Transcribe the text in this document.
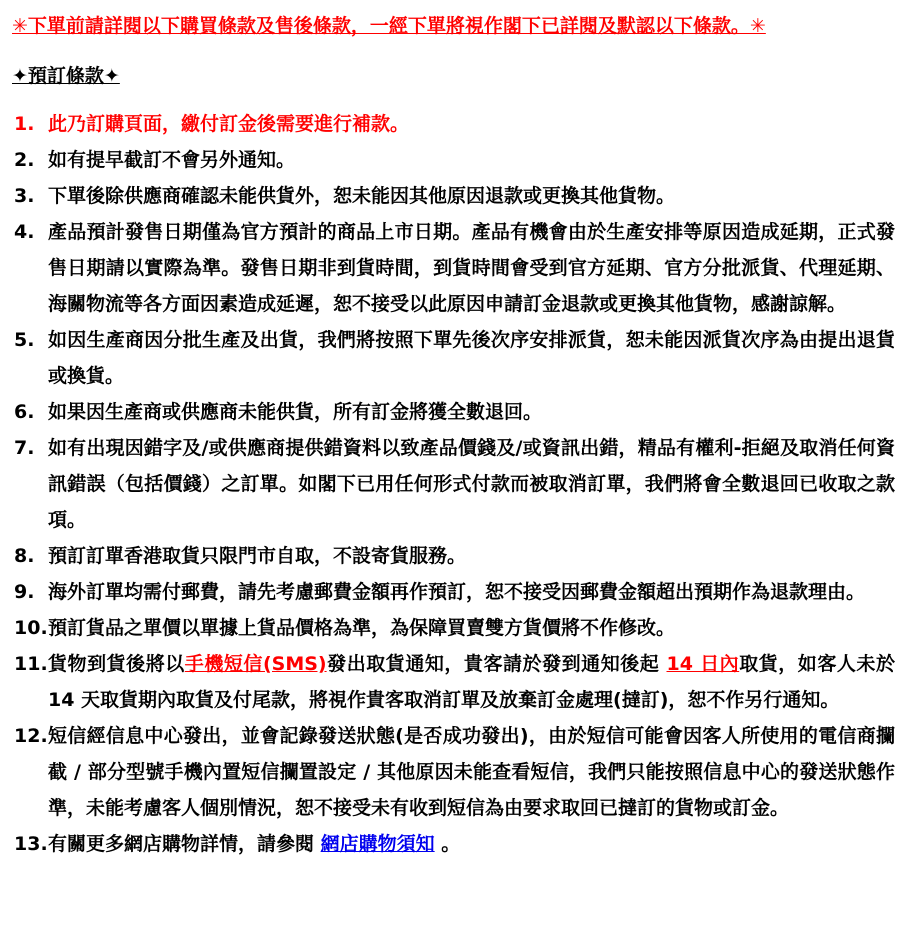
✳下單前請詳閱以下購買條款及售後條款，一經下單將視作閣下已詳閱及默認以下條款。✳
✦預訂條款✦
1. 此乃訂購頁面，繳付訂金後需要進行補款。
2. 如有提早截訂不會另外通知。
3. 下單後除供應商確認未能供貨外，恕未能因其他原因退款或更換其他貨物。
4. 產品預計發售日期僅為官方預計的商品上市日期。產品有機會由於生產安排等原因造成延期，正式發售日期請以實際為準。發售日期非到貨時間，到貨時間會受到官方延期、官方分批派貨、代理延期、海關物流等各方面因素造成延遲，恕不接受以此原因申請訂金退款或更換其他貨物，感謝諒解。
5. 如因生產商因分批生產及出貨，我們將按照下單先後次序安排派貨，恕未能因派貨次序為由提出退貨或換貨。
6. 如果因生產商或供應商未能供貨，所有訂金將獲全數退回。
7. 如有出現因錯字及/或供應商提供錯資料以致產品價錢及/或資訊出錯，精品有權利-拒絕及取消任何資訊錯誤（包括價錢）之訂單。如閣下已用任何形式付款而被取消訂單，我們將會全數退回已收取之款項。
8. 預訂訂單香港取貨只限門市自取，不設寄貨服務。
9. 海外訂單均需付郵費，請先考慮郵費金額再作預訂，恕不接受因郵費金額超出預期作為退款理由。
10. 預訂貨品之單價以單據上貨品價格為準，為保障買賣雙方貨價將不作修改。
11. 貨物到貨後將以手機短信(SMS)發出取貨通知，貴客請於發到通知後起 14 日內取貨，如客人未於 14 天取貨期內取貨及付尾款，將視作貴客取消訂單及放棄訂金處理(撻訂)，恕不作另行通知。
12. 短信經信息中心發出，並會記錄發送狀態(是否成功發出)，由於短信可能會因客人所使用的電信商攔截 / 部分型號手機內置短信攔置設定 / 其他原因未能查看短信，我們只能按照信息中心的發送狀態作準，未能考慮客人個別情況，恕不接受未有收到短信為由要求取回已撻訂的貨物或訂金。
13. 有關更多網店購物詳情，請參閱 網店購物須知 。
